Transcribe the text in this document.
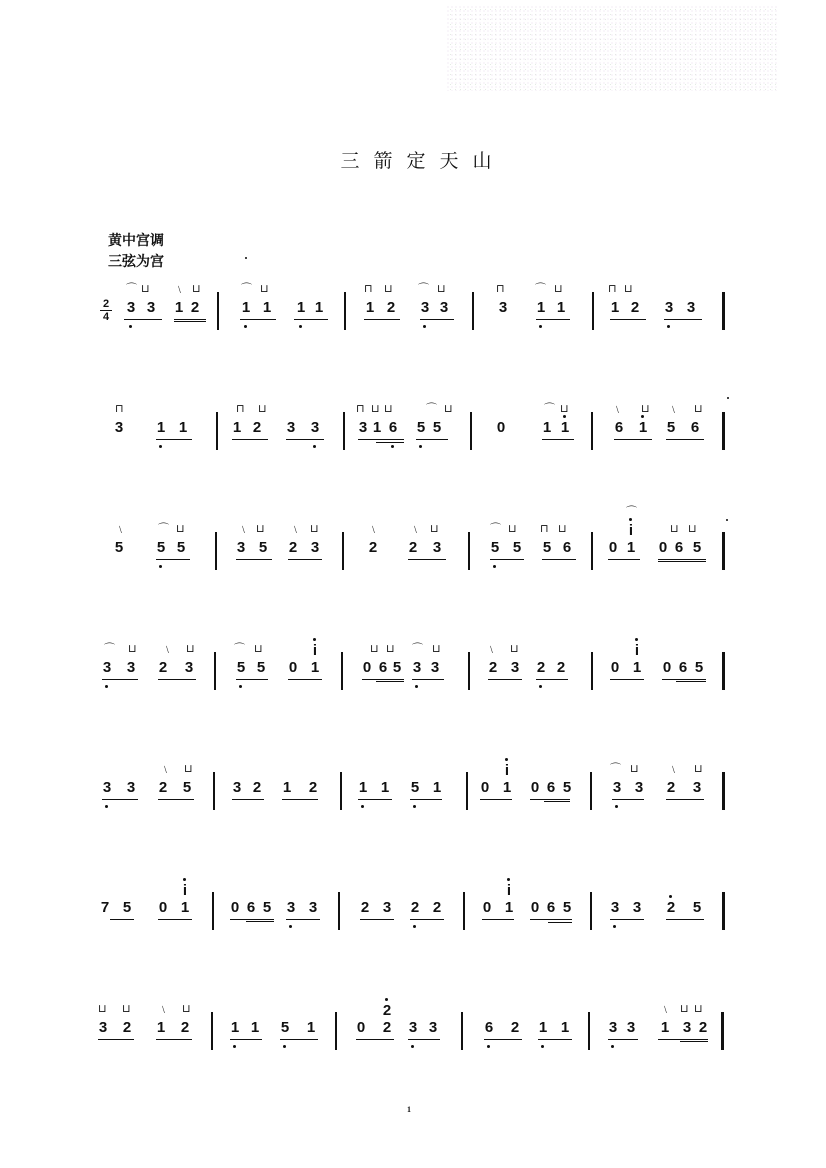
三箭定天山
黄中宫调
三弦为宫
$\frac{2}{4}$
⌒ ⊔ ﹨ ⊔	⌒ ⊔	⊓ ⊔ ⌒ ⊔	⊓	⌒ ⊔	⊓ ⊔
3 3 1 2	1 1 1 1	1 2 3 3	3 1 1	1 2 3 3
⊓	⊓ ⊔	⊓ ⊔ ⊔	⌒ ⊔	⌒ ⊔	﹨ ⊔ ﹨ ⊔
3 1 1	1 2 3 3	3 1 6 5 5	0	1 1	6 1 5 6
﹨	⌒ ⊔	﹨ ⊔ ﹨ ⊔	﹨	﹨ ⊔	⌒ ⊔ ⊓ ⊔	⊔ ⊔
5 5 5	3 5 2 3	2 2 3	5 5 5 6	0 1
i
⌒
0 6 5
⌒ ⊔ ﹨ ⊔	⌒ ⊔	⊔ ⊔ ⌒ ⊔	﹨ ⊔
3 3 2 3	5 5 0 1
i
0 6 5 3 3	2 3 2 2	0 1
i
0 6 5
﹨ ⊔	⌒ ⊔	﹨ ⊔
3 3 2 5	3 2 1 2	1 1 5 1	0 1
i
0 6 5	3 3 2 3
7 5 0 1
i
0 6 5 3 3	2 3 2 2	0 1
i
0 6 5	3 3 2 5
⊔ ⊔ ﹨ ⊔	﹨ ⊔ ⊔
3 2 1 2	1 1 5 1	0 2
2
3 3	6 2 1 1	3 3 1 3 2
1
